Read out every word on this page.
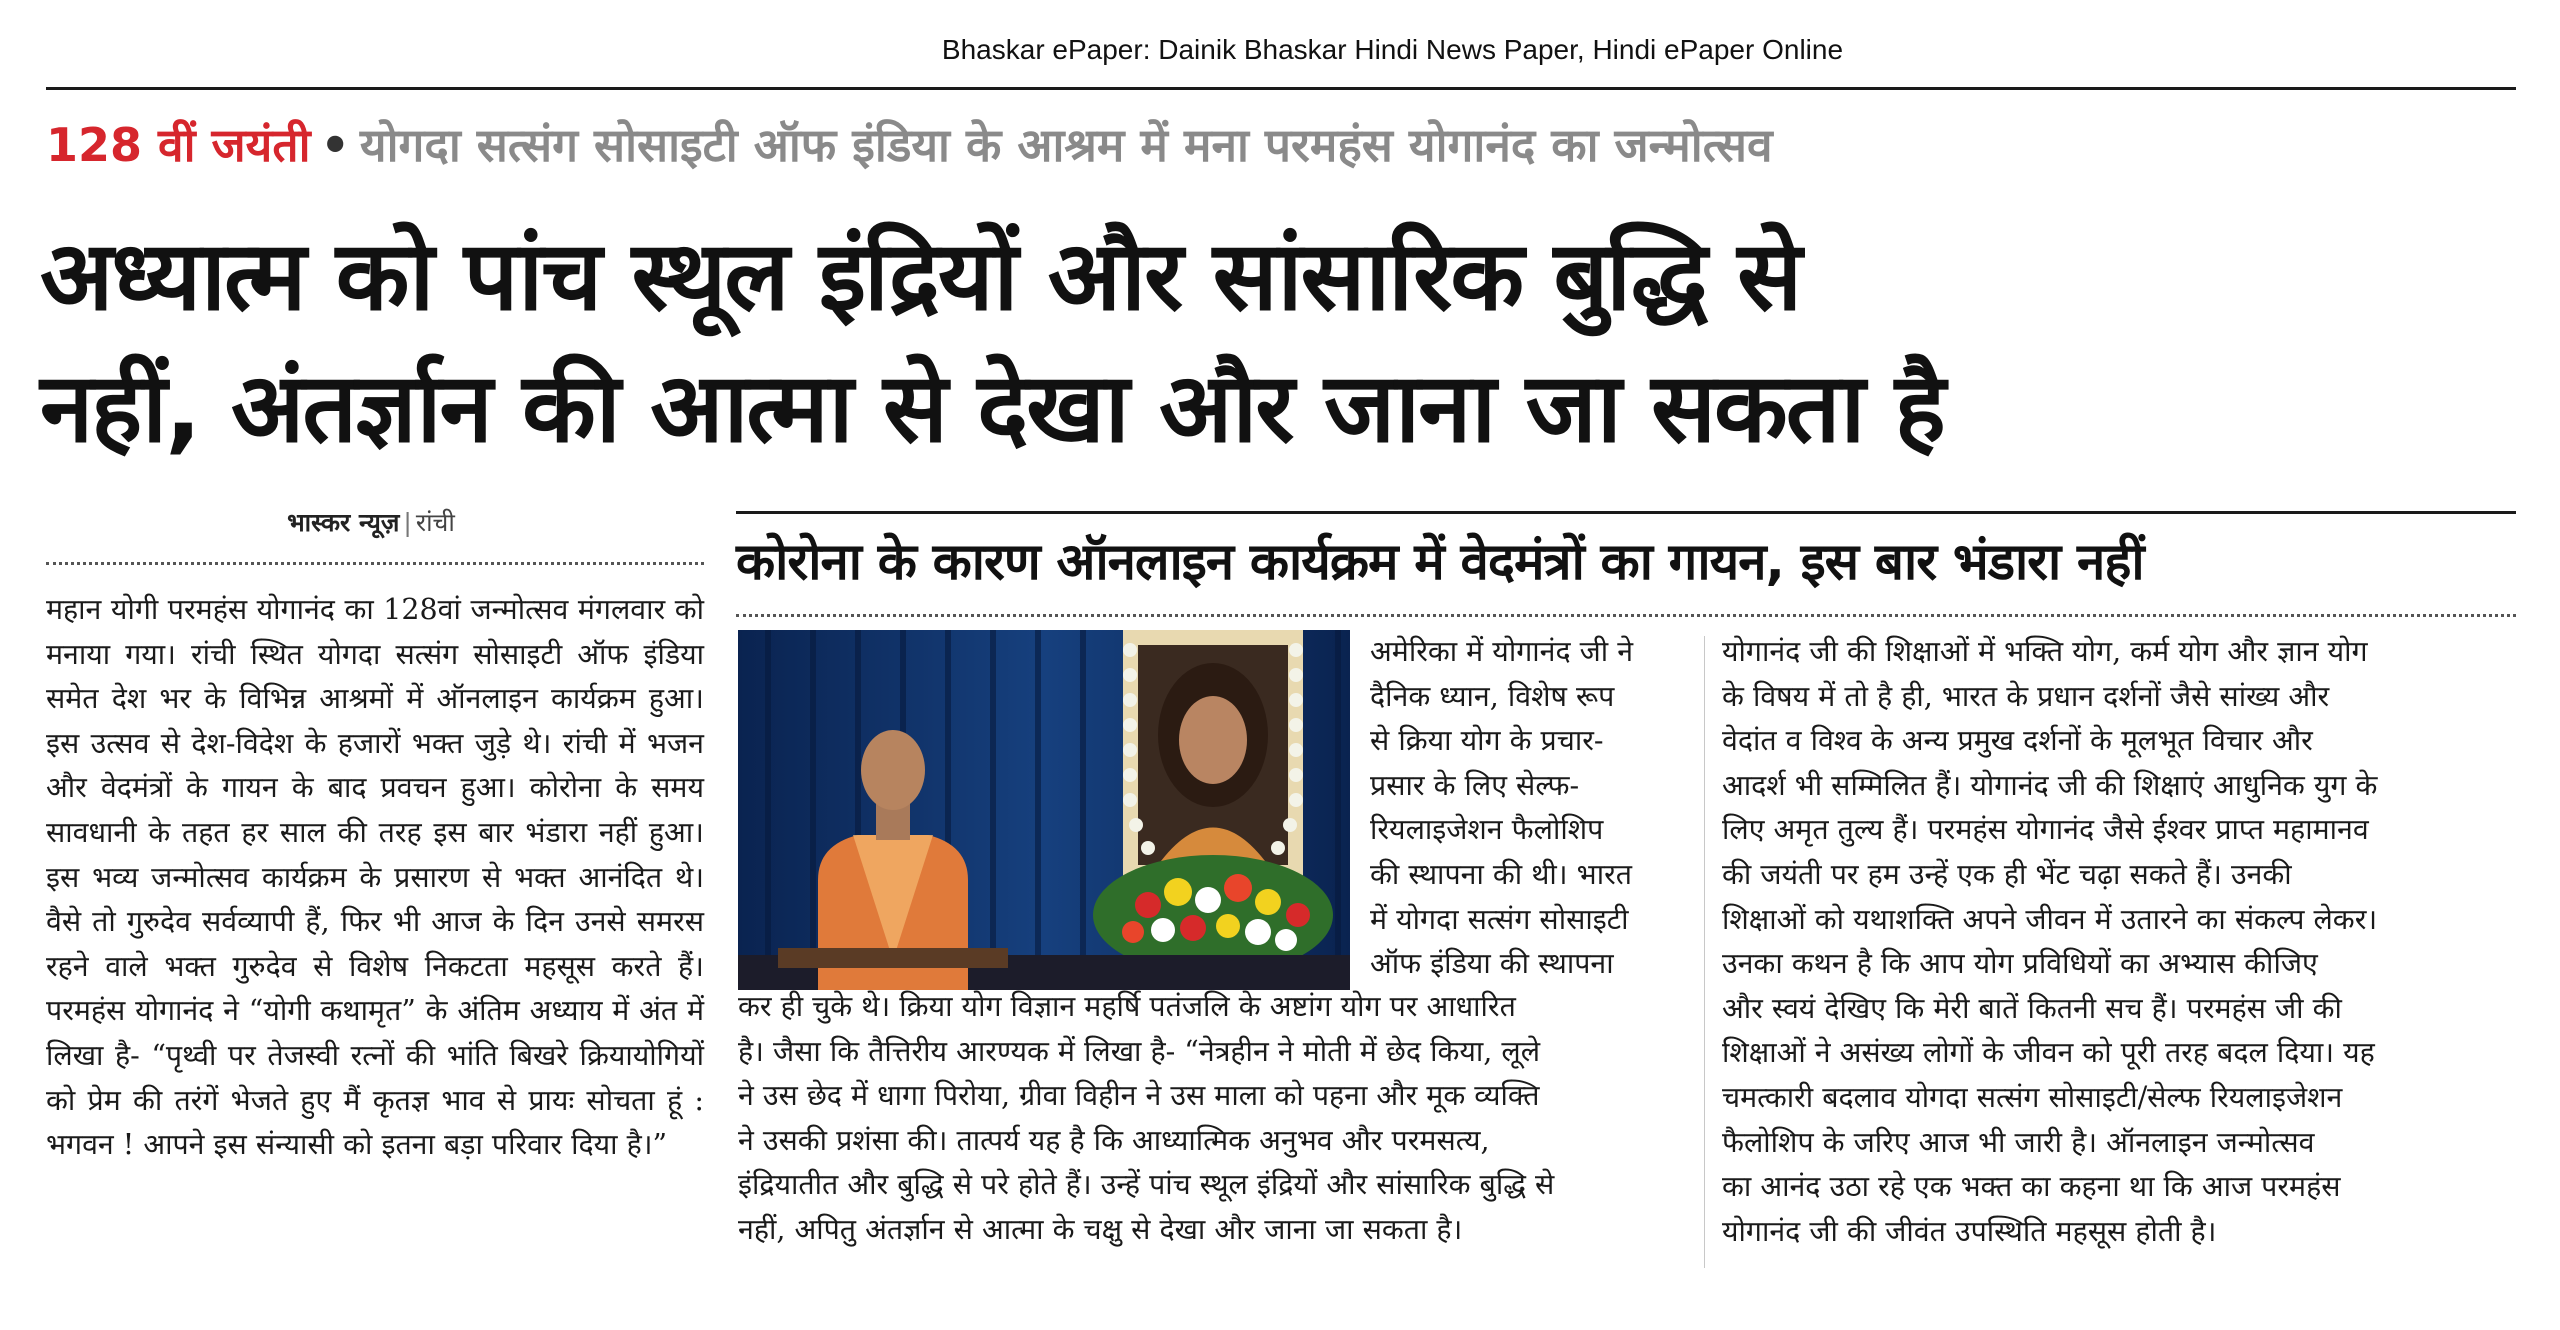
Bhaskar ePaper: Dainik Bhaskar Hindi News Paper, Hindi ePaper Online
128 वीं जयंती • योगदा सत्संग सोसाइटी ऑफ इंडिया के आश्रम में मना परमहंस योगानंद का जन्मोत्सव
अध्यात्म को पांच स्थूल इंद्रियों और सांसारिक बुद्धि से
नहीं, अंतर्ज्ञान की आत्मा से देखा और जाना जा सकता है
भास्कर न्यूज़ | रांची
कोरोना के कारण ऑनलाइन कार्यक्रम में वेदमंत्रों का गायन, इस बार भंडारा नहीं
महान योगी परमहंस योगानंद का 128वां जन्मोत्सव मंगलवार को मनाया गया। रांची स्थित योगदा सत्संग सोसाइटी ऑफ इंडिया समेत देश भर के विभिन्न आश्रमों में ऑनलाइन कार्यक्रम हुआ। इस उत्सव से देश-विदेश के हजारों भक्त जुड़े थे। रांची में भजन और वेदमंत्रों के गायन के बाद प्रवचन हुआ। कोरोना के समय सावधानी के तहत हर साल की तरह इस बार भंडारा नहीं हुआ। इस भव्य जन्मोत्सव कार्यक्रम के प्रसारण से भक्त आनंदित थे। वैसे तो गुरुदेव सर्वव्यापी हैं, फिर भी आज के दिन उनसे समरस रहने वाले भक्त गुरुदेव से विशेष निकटता महसूस करते हैं। परमहंस योगानंद ने “योगी कथामृत” के अंतिम अध्याय में अंत में लिखा है- “पृथ्वी पर तेजस्वी रत्नों की भांति बिखरे क्रियायोगियों को प्रेम की तरंगें भेजते हुए मैं कृतज्ञ भाव से प्रायः सोचता हूं : भगवन ! आपने इस संन्यासी को इतना बड़ा परिवार दिया है।”

अमेरिका में योगानंद जी ने

दैनिक ध्यान, विशेष रूप

से क्रिया योग के प्रचार-

प्रसार के लिए सेल्फ-

रियलाइजेशन फैलोशिप

की स्थापना की थी। भारत

में योगदा सत्संग सोसाइटी

ऑफ इंडिया की स्थापना

कर ही चुके थे। क्रिया योग विज्ञान महर्षि पतंजलि के अष्टांग योग पर आधारित

है। जैसा कि तैत्तिरीय आरण्यक में लिखा है- “नेत्रहीन ने मोती में छेद किया, लूले

ने उस छेद में धागा पिरोया, ग्रीवा विहीन ने उस माला को पहना और मूक व्यक्ति

ने उसकी प्रशंसा की। तात्पर्य यह है कि आध्यात्मिक अनुभव और परमसत्य,

इंद्रियातीत और बुद्धि से परे होते हैं। उन्हें पांच स्थूल इंद्रियों और सांसारिक बुद्धि से

नहीं, अपितु अंतर्ज्ञान से आत्मा के चक्षु से देखा और जाना जा सकता है।

योगानंद जी की शिक्षाओं में भक्ति योग, कर्म योग और ज्ञान योग

के विषय में तो है ही, भारत के प्रधान दर्शनों जैसे सांख्य और

वेदांत व विश्व के अन्य प्रमुख दर्शनों के मूलभूत विचार और

आदर्श भी सम्मिलित हैं। योगानंद जी की शिक्षाएं आधुनिक युग के

लिए अमृत तुल्य हैं। परमहंस योगानंद जैसे ईश्वर प्राप्त महामानव

की जयंती पर हम उन्हें एक ही भेंट चढ़ा सकते हैं। उनकी

शिक्षाओं को यथाशक्ति अपने जीवन में उतारने का संकल्प लेकर।

उनका कथन है कि आप योग प्रविधियों का अभ्यास कीजिए

और स्वयं देखिए कि मेरी बातें कितनी सच हैं। परमहंस जी की

शिक्षाओं ने असंख्य लोगों के जीवन को पूरी तरह बदल दिया। यह

चमत्कारी बदलाव योगदा सत्संग सोसाइटी/सेल्फ रियलाइजेशन

फैलोशिप के जरिए आज भी जारी है। ऑनलाइन जन्मोत्सव

का आनंद उठा रहे एक भक्त का कहना था कि आज परमहंस

योगानंद जी की जीवंत उपस्थिति महसूस होती है।
